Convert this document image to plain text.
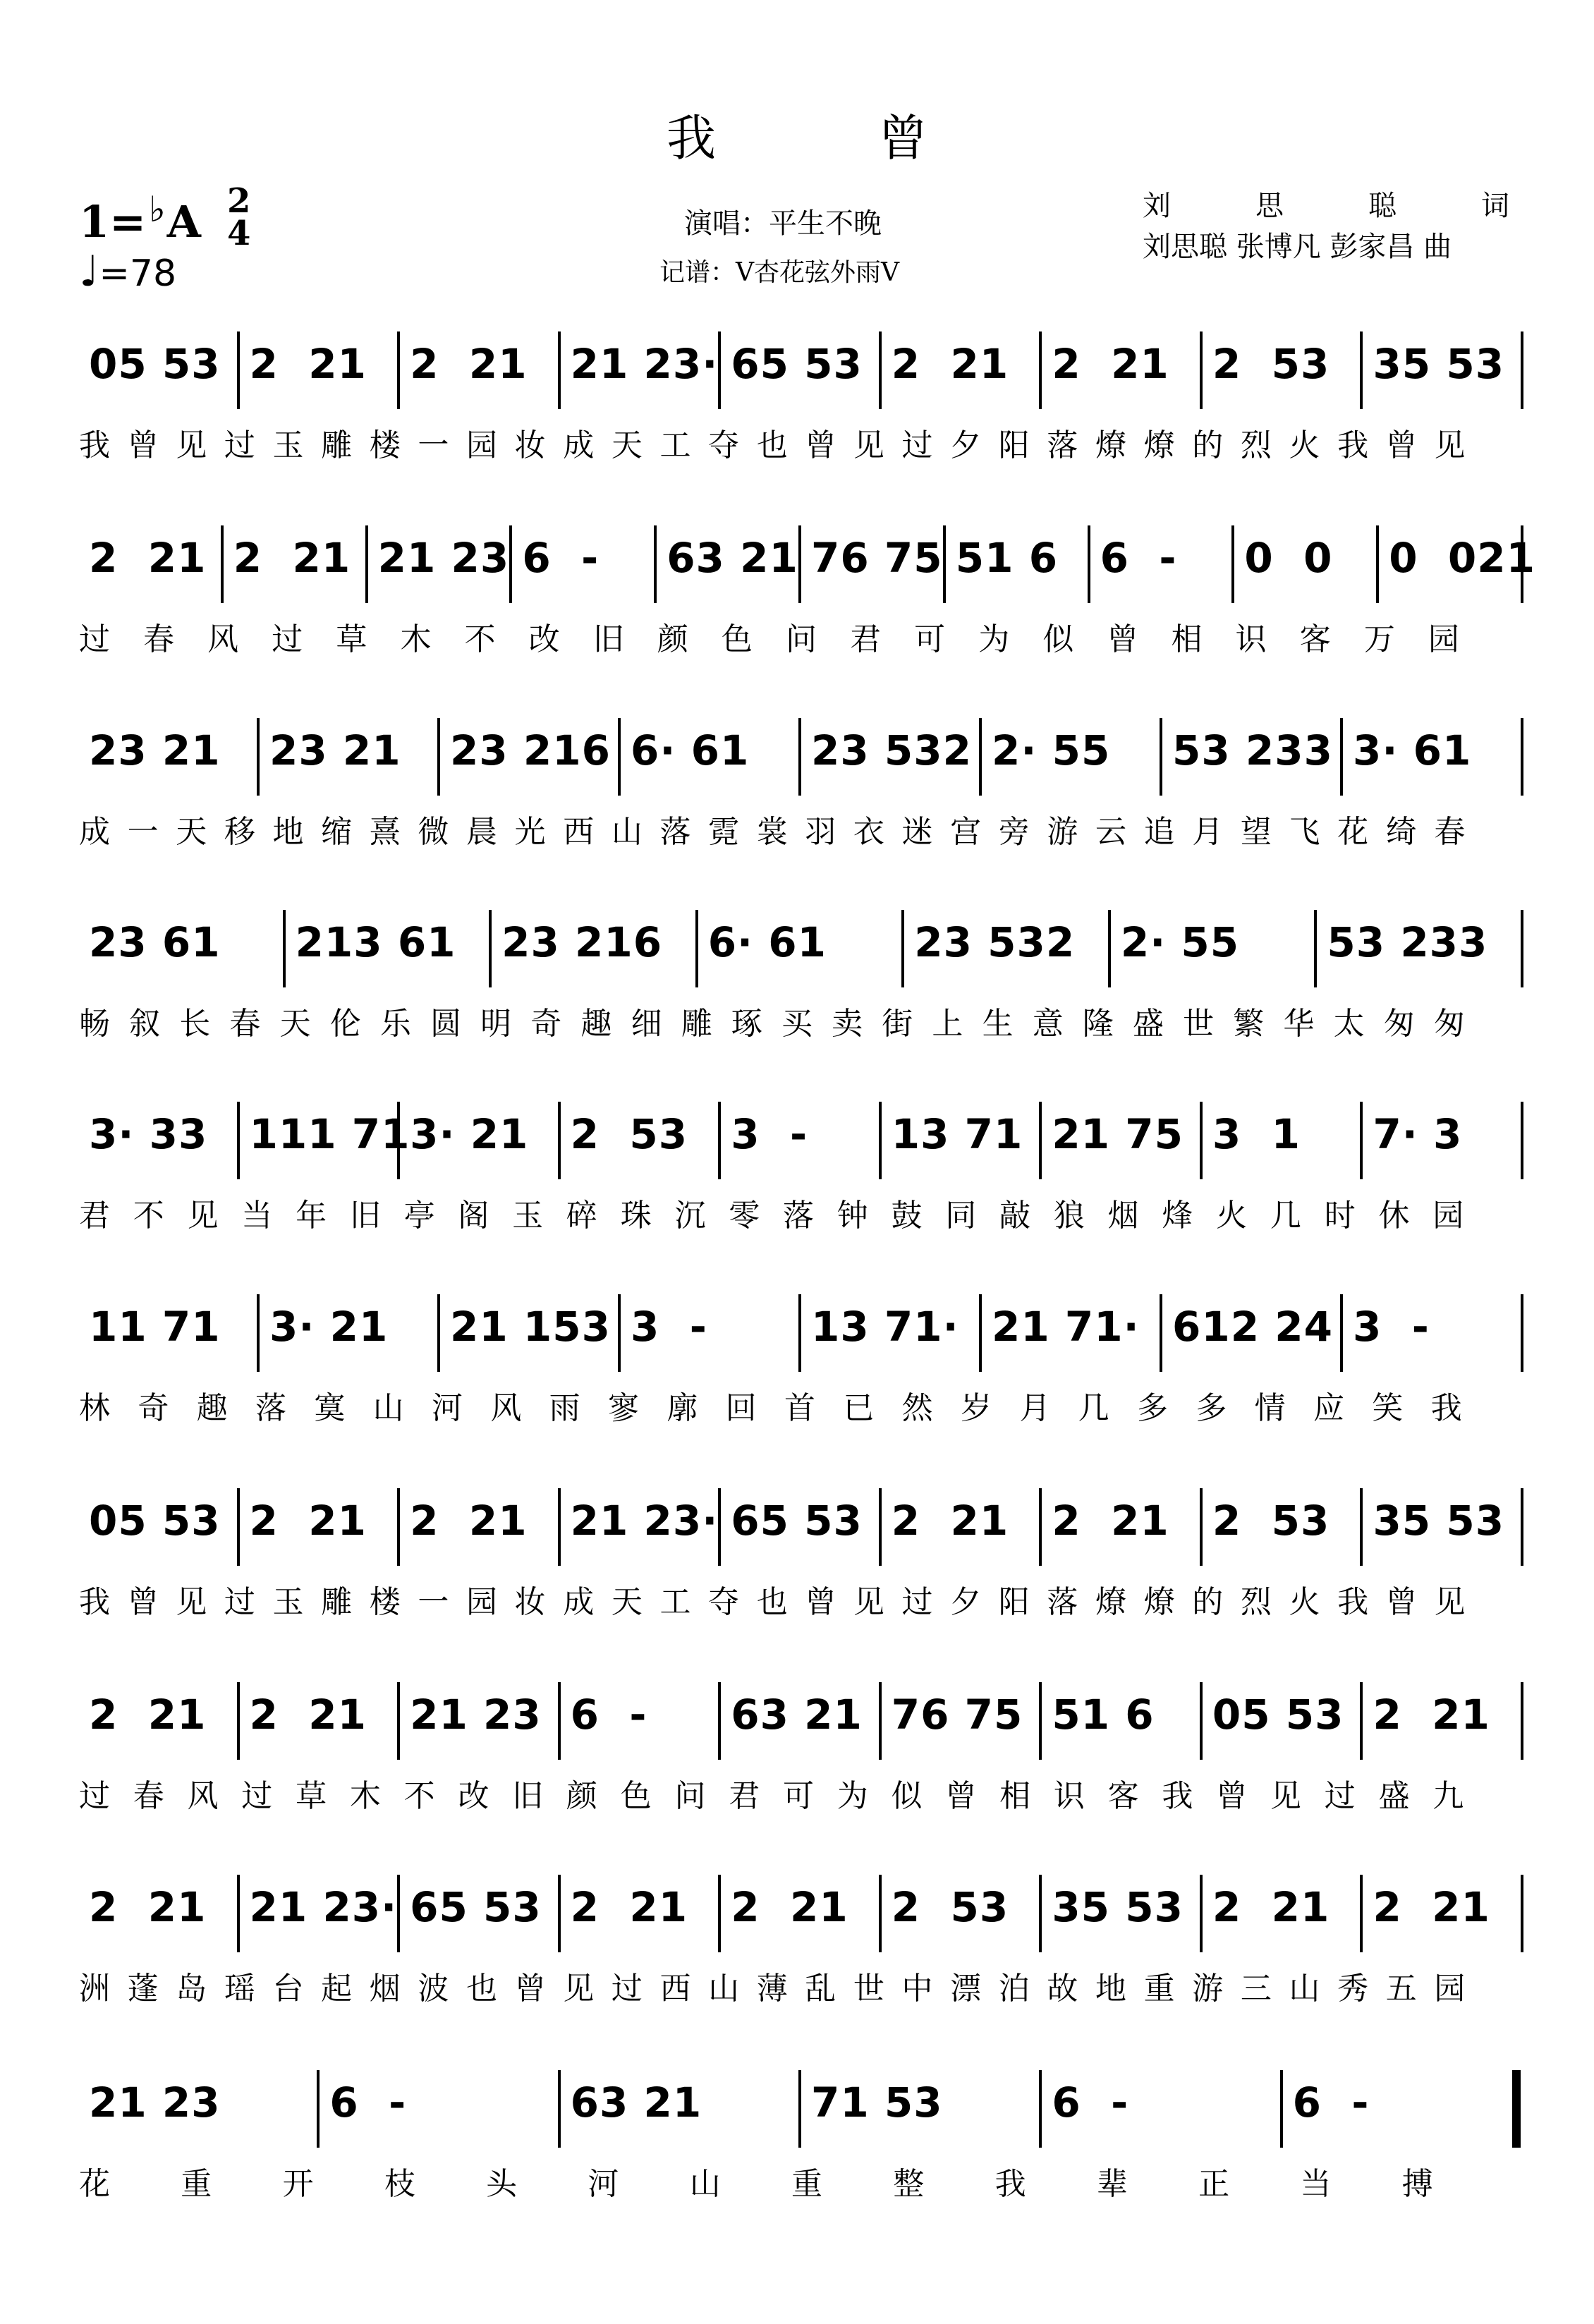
我	曾
1=♭A 2
4
♩=78
演唱：平生不晚
记谱：V杏花弦外雨V
刘 思 聪 词
刘思聪 张博凡 彭家昌 曲
05 53 2  21 2  21 21 23· 65 53 2  21 2  21 2  53 35 53
我曾见过玉雕楼一园妆成天工夺也曾见过夕阳落燎燎的烈火我曾见
2  21 2  21 21 23 6  - 63 21 76 75 51 6 6  - 0  0 0  021
过春风过草木不改旧颜色问君可为似曾相识客万园
23 21 23 21 23 216 6· 61 23 532 2· 55 53 233 3· 61
成一天移地缩熹微晨光西山落霓裳羽衣迷宫旁游云追月望飞花绮春
23 61 213 61 23 216 6· 61 23 532 2· 55 53 233
畅叙长春天伦乐圆明奇趣细雕琢买卖街上生意隆盛世繁华太匆匆
3· 33 111 71 3· 21 2  53 3  - 13 71 21 75 3  1 7· 3
君不见当年旧亭阁玉碎珠沉零落钟鼓同敲狼烟烽火几时休园
11 71 3· 21 21 153 3  -	13 71· 21 71· 612 24 3  -
林奇趣落寞山河风雨寥廓回首已然岁月几多多情应笑我
05 53 2  21 2  21 21 23· 65 53 2  21 2  21 2  53 35 53
我曾见过玉雕楼一园妆成天工夺也曾见过夕阳落燎燎的烈火我曾见
2  21 2  21 21 23 6  - 63 21 76 75 51 6 05 53 2  21
过春风过草木不改旧颜色问君可为似曾相识客我曾见过盛九
2  21 21 23· 65 53 2  21 2  21 2  53 35 53 2  21 2  21
洲蓬岛瑶台起烟波也曾见过西山薄乱世中漂泊故地重游三山秀五园
21 23	6  -	63 21	71 53	6  -	6  -
花重开枝头河山重整我辈正当搏
